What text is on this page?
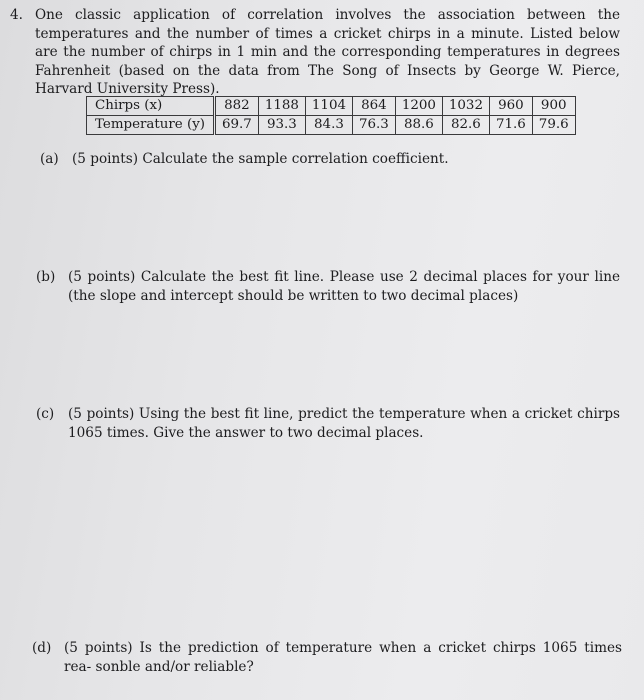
4. One classic application of correlation involves the association between the temperatures and the number of times a cricket chirps in a minute. Listed below are the number of chirps in 1 min and the corresponding temperatures in degrees Fahrenheit (based on the data from The Song of Insects by George W. Pierce, Harvard University Press).
Chirps (x)	882	1188	1104	864	1200	1032	960	900
Temperature (y)	69.7	93.3	84.3	76.3	88.6	82.6	71.6	79.6
(a) (5 points) Calculate the sample correlation coefficient.
(b) (5 points) Calculate the best fit line. Please use 2 decimal places for your line (the slope and intercept should be written to two decimal places)
(c) (5 points) Using the best fit line, predict the temperature when a cricket chirps 1065 times. Give the answer to two decimal places.
(d) (5 points) Is the prediction of temperature when a cricket chirps 1065 times rea- sonble and/or reliable?
